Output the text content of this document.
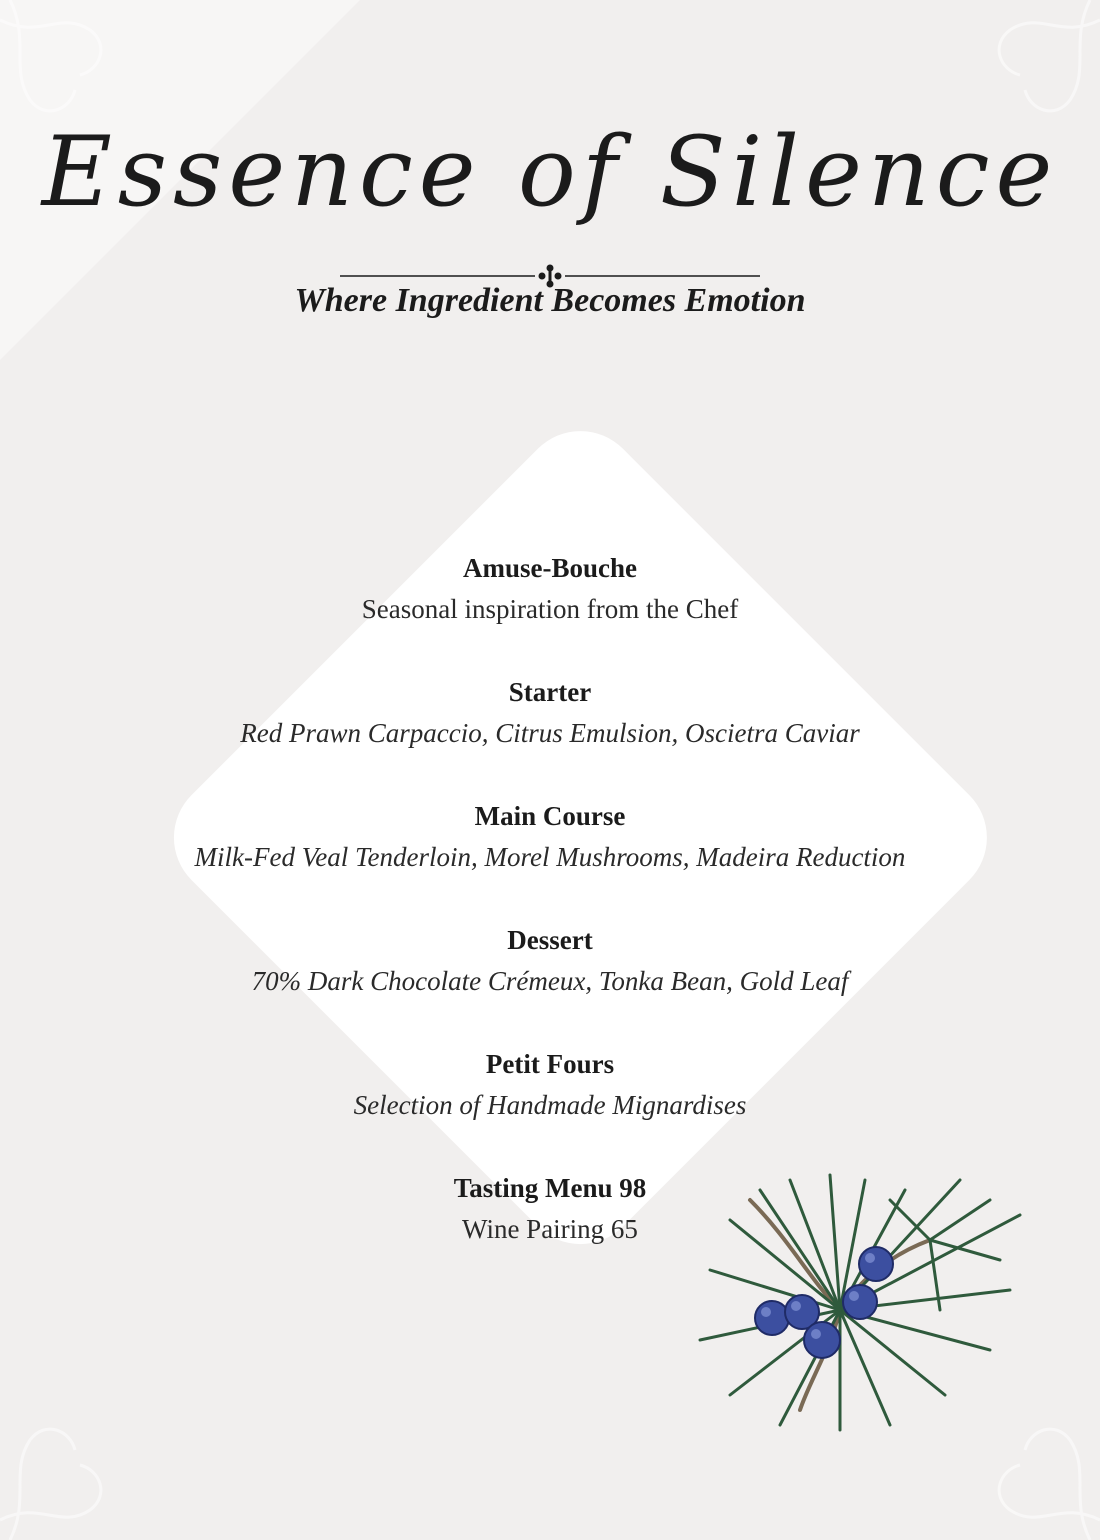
Essence of Silence
Where Ingredient Becomes Emotion
Amuse-Bouche
Seasonal inspiration from the Chef
Starter
Red Prawn Carpaccio, Citrus Emulsion, Oscietra Caviar
Main Course
Milk-Fed Veal Tenderloin, Morel Mushrooms, Madeira Reduction
Dessert
70% Dark Chocolate Crémeux, Tonka Bean, Gold Leaf
Petit Fours
Selection of Handmade Mignardises
Tasting Menu 98
Wine Pairing 65
